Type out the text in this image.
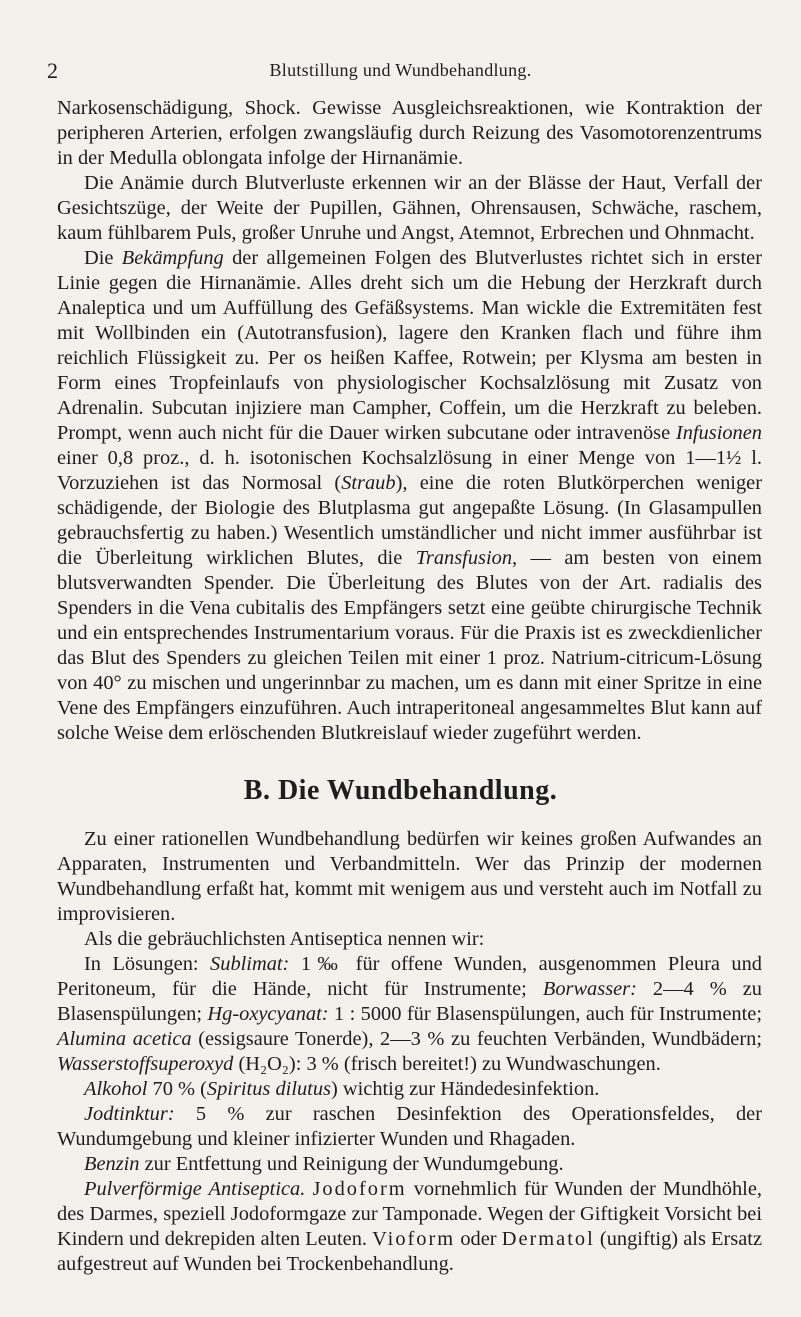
2	Blutstillung und Wundbehandlung.

Narkosenschädigung, Shock. Gewisse Ausgleichsreaktionen, wie Kontraktion der peripheren Arterien, erfolgen zwangsläufig durch Reizung des Vasomotorenzentrums in der Medulla oblongata infolge der Hirnanämie.

Die Anämie durch Blutverluste erkennen wir an der Blässe der Haut, Verfall der Gesichtszüge, der Weite der Pupillen, Gähnen, Ohrensausen, Schwäche, raschem, kaum fühlbarem Puls, großer Unruhe und Angst, Atemnot, Erbrechen und Ohnmacht.

Die Bekämpfung der allgemeinen Folgen des Blutverlustes richtet sich in erster Linie gegen die Hirnanämie. Alles dreht sich um die Hebung der Herzkraft durch Analeptica und um Auffüllung des Gefäßsystems. Man wickle die Extremitäten fest mit Wollbinden ein (Autotransfusion), lagere den Kranken flach und führe ihm reichlich Flüssigkeit zu. Per os heißen Kaffee, Rotwein; per Klysma am besten in Form eines Tropfeinlaufs von physiologischer Kochsalzlösung mit Zusatz von Adrenalin. Subcutan injiziere man Campher, Coffein, um die Herzkraft zu beleben. Prompt, wenn auch nicht für die Dauer wirken subcutane oder intravenöse Infusionen einer 0,8 proz., d. h. isotonischen Kochsalzlösung in einer Menge von 1—1½ l. Vorzuziehen ist das Normosal (Straub), eine die roten Blutkörperchen weniger schädigende, der Biologie des Blutplasma gut angepaßte Lösung. (In Glasampullen gebrauchsfertig zu haben.) Wesentlich umständlicher und nicht immer ausführbar ist die Überleitung wirklichen Blutes, die Transfusion, — am besten von einem blutsverwandten Spender. Die Überleitung des Blutes von der Art. radialis des Spenders in die Vena cubitalis des Empfängers setzt eine geübte chirurgische Technik und ein entsprechendes Instrumentarium voraus. Für die Praxis ist es zweckdienlicher das Blut des Spenders zu gleichen Teilen mit einer 1 proz. Natrium-citricum-Lösung von 40° zu mischen und ungerinnbar zu machen, um es dann mit einer Spritze in eine Vene des Empfängers einzuführen. Auch intraperitoneal angesammeltes Blut kann auf solche Weise dem erlöschenden Blutkreislauf wieder zugeführt werden.

B. Die Wundbehandlung.

Zu einer rationellen Wundbehandlung bedürfen wir keines großen Aufwandes an Apparaten, Instrumenten und Verbandmitteln. Wer das Prinzip der modernen Wundbehandlung erfaßt hat, kommt mit wenigem aus und versteht auch im Notfall zu improvisieren.

Als die gebräuchlichsten Antiseptica nennen wir:

In Lösungen: Sublimat: 1‰ für offene Wunden, ausgenommen Pleura und Peritoneum, für die Hände, nicht für Instrumente; Borwasser: 2—4 % zu Blasenspülungen; Hg-oxycyanat: 1 : 5000 für Blasenspülungen, auch für Instrumente; Alumina acetica (essigsaure Tonerde), 2—3 % zu feuchten Verbänden, Wundbädern; Wasserstoffsuperoxyd (H₂O₂): 3 % (frisch bereitet!) zu Wundwaschungen.

Alkohol 70 % (Spiritus dilutus) wichtig zur Händedesinfektion.

Jodtinktur: 5 % zur raschen Desinfektion des Operationsfeldes, der Wundumgebung und kleiner infizierter Wunden und Rhagaden.

Benzin zur Entfettung und Reinigung der Wundumgebung.

Pulverförmige Antiseptica. Jodoform vornehmlich für Wunden der Mundhöhle, des Darmes, speziell Jodoformgaze zur Tamponade. Wegen der Giftigkeit Vorsicht bei Kindern und dekrepiden alten Leuten. Vioform oder Dermatol (ungiftig) als Ersatz aufgestreut auf Wunden bei Trockenbehandlung.
